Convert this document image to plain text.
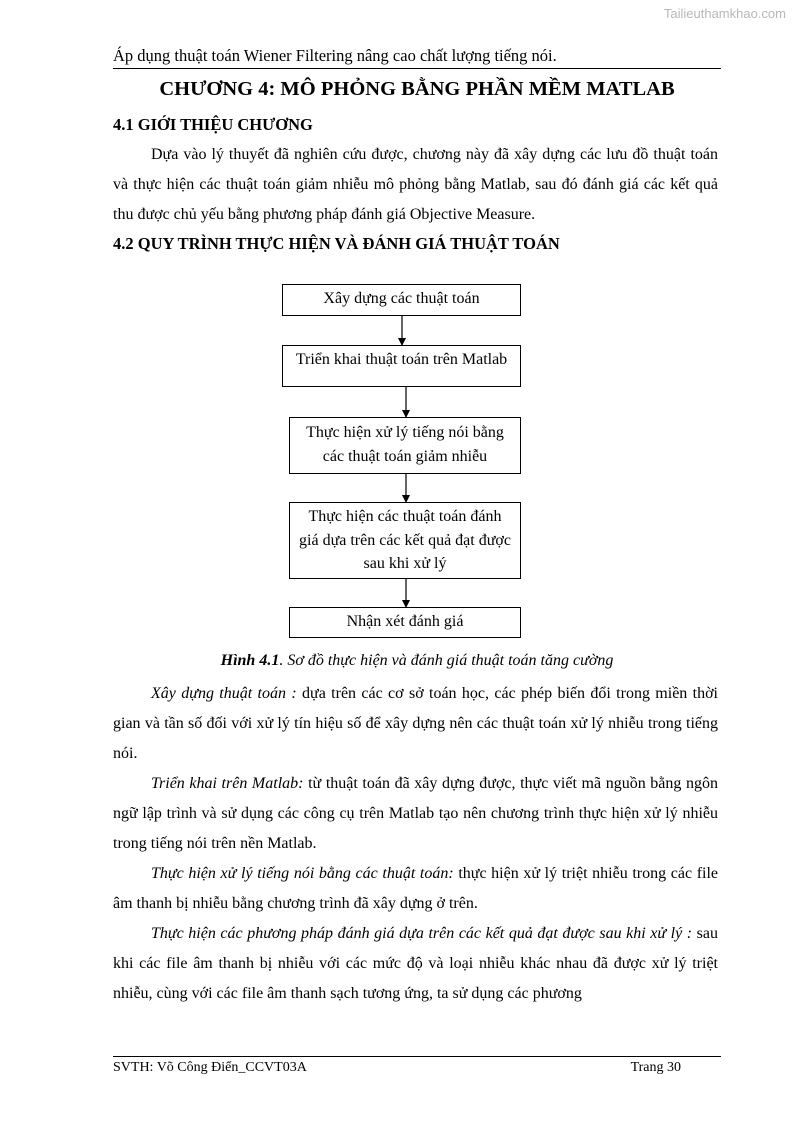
Tailieuthamkhao.com
Áp dụng thuật toán Wiener Filtering nâng cao chất lượng tiếng nói.
CHƯƠNG 4: MÔ PHỎNG BẰNG PHẦN MỀM MATLAB
4.1 GIỚI THIỆU CHƯƠNG
Dựa vào lý thuyết đã nghiên cứu được, chương này đã xây dựng các lưu đồ thuật toán và thực hiện các thuật toán giảm nhiễu mô phỏng bằng Matlab, sau đó đánh giá các kết quả thu được chủ yếu bằng phương pháp đánh giá Objective Measure.
4.2 QUY TRÌNH THỰC HIỆN VÀ ĐÁNH GIÁ THUẬT TOÁN
Xây dựng các thuật toán
Triển khai thuật toán trên Matlab
Thực hiện xử lý tiếng nói bằng
các thuật toán giảm nhiễu
Thực hiện các thuật toán đánh
giá dựa trên các kết quả đạt được
sau khi xử lý
Nhận xét đánh giá
Hình 4.1. Sơ đồ thực hiện và đánh giá thuật toán tăng cường
Xây dựng thuật toán : dựa trên các cơ sở toán học, các phép biến đổi trong miền thời gian và tần số đối với xử lý tín hiệu số để xây dựng nên các thuật toán xử lý nhiễu trong tiếng nói.
Triển khai trên Matlab: từ thuật toán đã xây dựng được, thực viết mã nguồn bằng ngôn ngữ lập trình và sử dụng các công cụ trên Matlab tạo nên chương trình thực hiện xử lý nhiễu trong tiếng nói trên nền Matlab.
Thực hiện xử lý tiếng nói bằng các thuật toán: thực hiện xử lý triệt nhiễu trong các file âm thanh bị nhiễu bằng chương trình đã xây dựng ở trên.
Thực hiện các phương pháp đánh giá dựa trên các kết quả đạt được sau khi xử lý : sau khi các file âm thanh bị nhiễu với các mức độ và loại nhiễu khác nhau đã được xử lý triệt nhiễu, cùng với các file âm thanh sạch tương ứng, ta sử dụng các phương
SVTH: Võ Công Điển_CCVT03A	Trang 30
